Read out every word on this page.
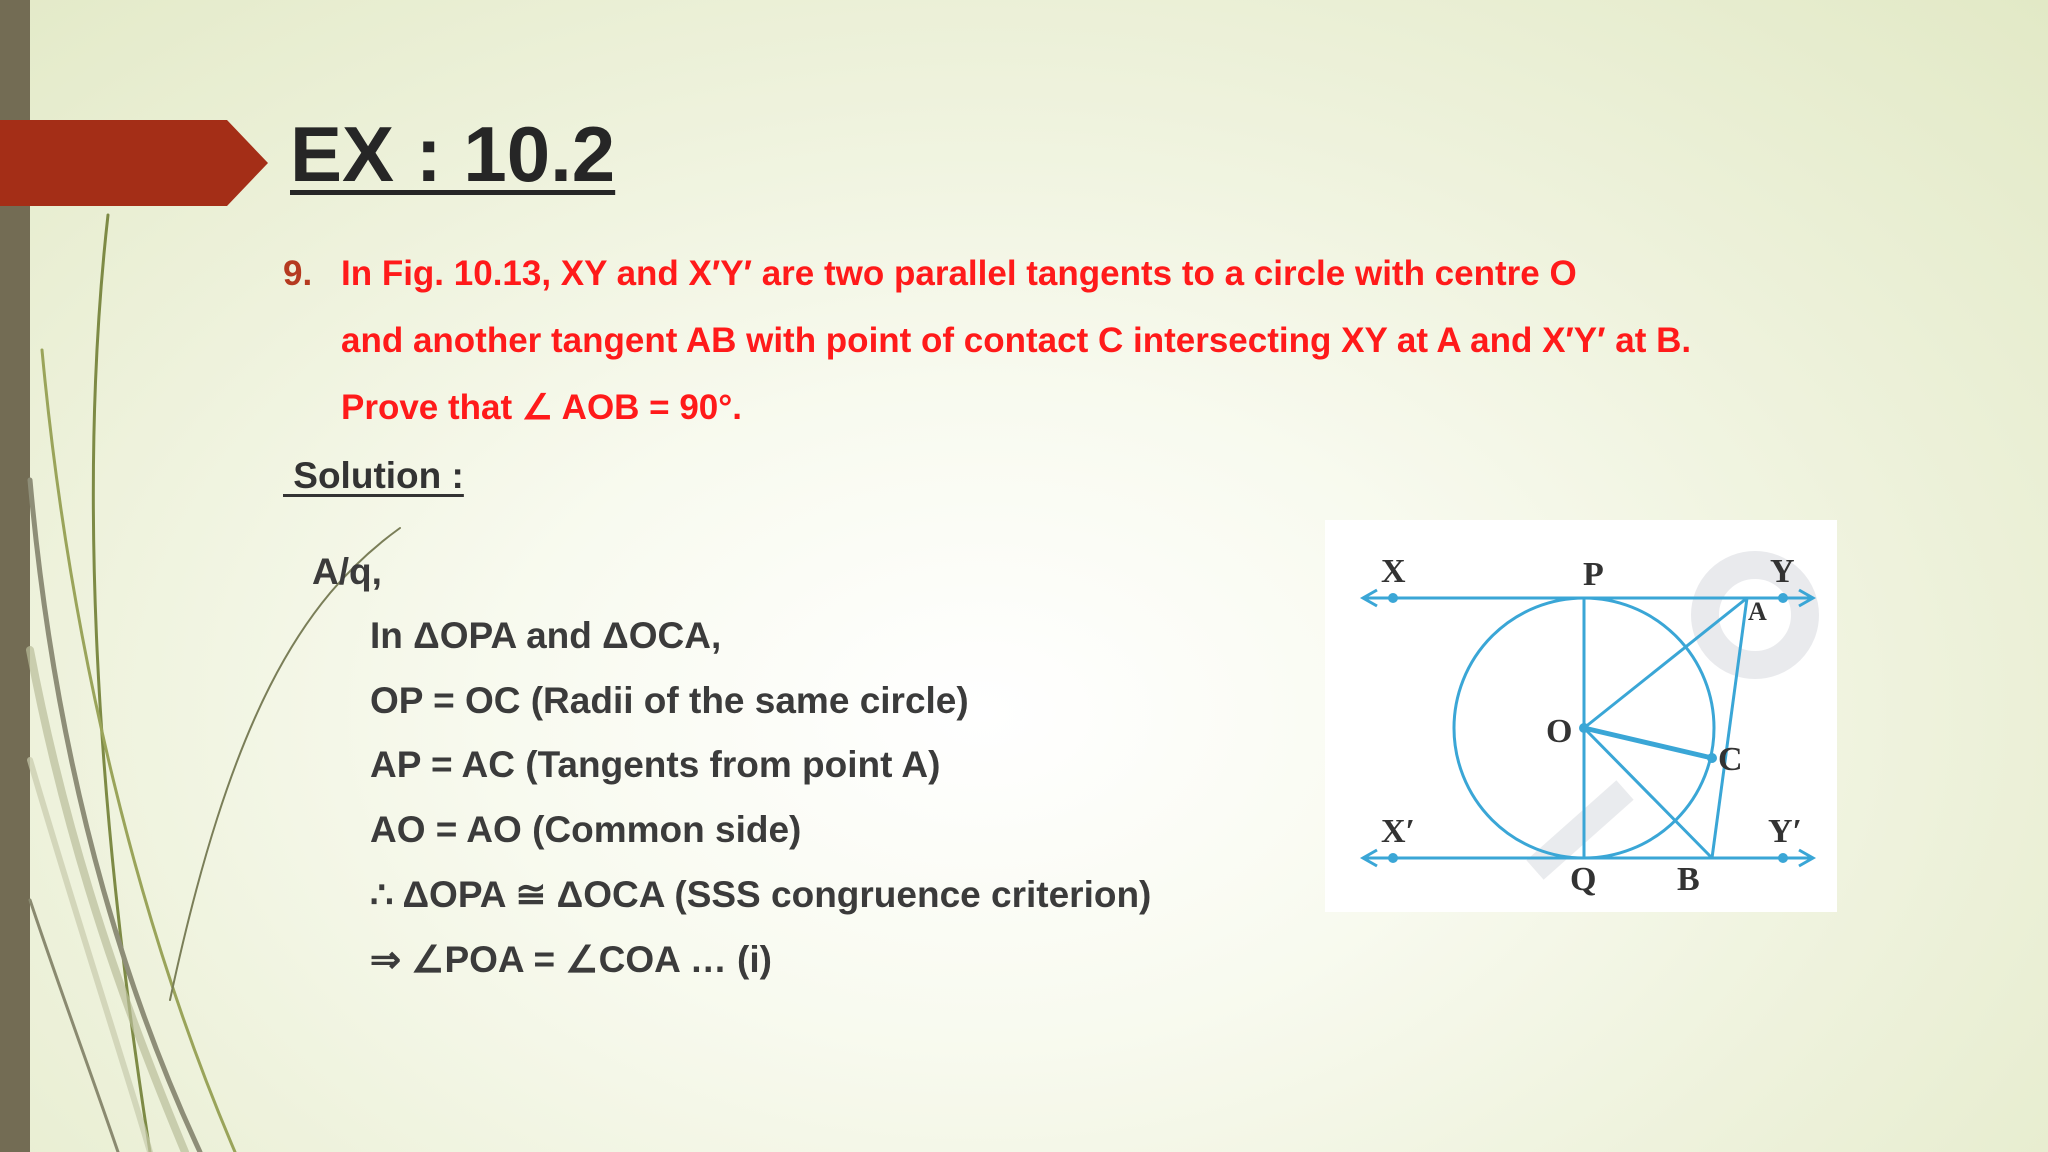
EX : 10.2
9. In Fig. 10.13, XY and X′Y′ are two parallel tangents to a circle with centre O
and another tangent AB with point of contact C intersecting XY at A and X′Y′ at B.
Prove that ∠ AOB = 90°.
Solution :
A/q,
In ΔOPA and ΔOCA,
OP = OC (Radii of the same circle)
AP = AC (Tangents from point A)
AO = AO (Common side)
∴ ΔOPA ≅ ΔOCA (SSS congruence criterion)
⇒ ∠POA = ∠COA … (i)
X	Y
P
A
O
C
X′	Y′
Q B
